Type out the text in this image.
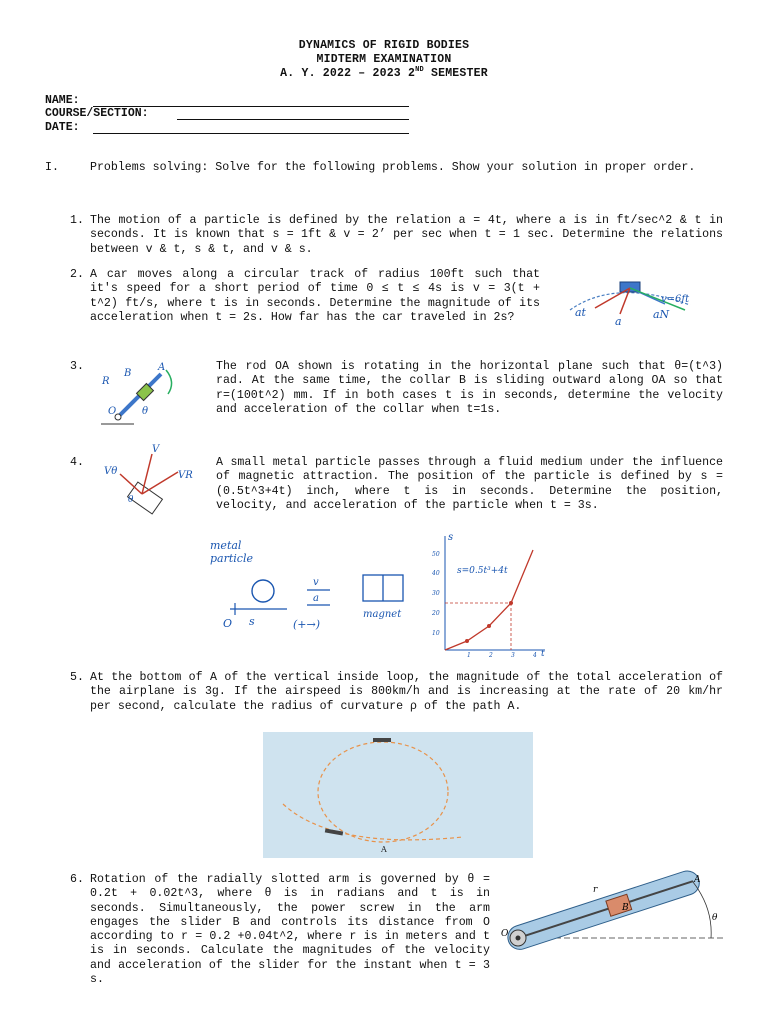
DYNAMICS OF RIGID BODIES
MIDTERM EXAMINATION
A. Y. 2022 – 2023 2ND SEMESTER
NAME:
COURSE/SECTION:
DATE:
I.	Problems solving: Solve for the following problems. Show your solution in proper order.
1. The motion of a particle is defined by the relation a = 4t, where a is in ft/sec^2 & t in seconds. It is known that s = 1ft & v = 2’ per sec when t = 1 sec. Determine the relations between v & t, s & t, and v & s.
2. A car moves along a circular track of radius 100ft such that it's speed for a short period of time 0 ≤ t ≤ 4s is v = 3(t + t^2) ft/s, where t is in seconds. Determine the magnitude of its acceleration when t = 2s. How far has the car traveled in 2s?	at
a
aN
v=6ft
3.	The rod OA shown is rotating in the horizontal plane such that θ=(t^3) rad. At the same time, the collar B is sliding outward along OA so that r=(100t^2) mm. If in both cases t is in seconds, determine the velocity and acceleration of the collar when t=1s.
R
B
A
O	θ
4.	A small metal particle passes through a fluid medium under the influence of magnetic attraction. The position of the particle is defined by s = (0.5t^3+4t) inch, where t is in seconds. Determine the position, velocity, and acceleration of the particle when t = 3s.
V
Vθ	VR
θ
metal
particle
O s
v
a
(+→)
magnet
s
10
20
30
40
50
1	2	3	4 t
s=0.5t³+4t
5. At the bottom of A of the vertical inside loop, the magnitude of the total acceleration of the airplane is 3g. If the airspeed is 800km/h and is increasing at the rate of 20 km/hr per second, calculate the radius of curvature ρ of the path A.
A
6. Rotation of the radially slotted arm is governed by θ = 0.2t + 0.02t^3, where θ is in radians and t is in seconds. Simultaneously, the power screw in the arm engages the slider B and controls its distance from O according to r = 0.2 +0.04t^2, where r is in meters and t is in seconds. Calculate the magnitudes of the velocity and acceleration of the slider for the instant when t = 3 s.
A
B
O
r
θ
